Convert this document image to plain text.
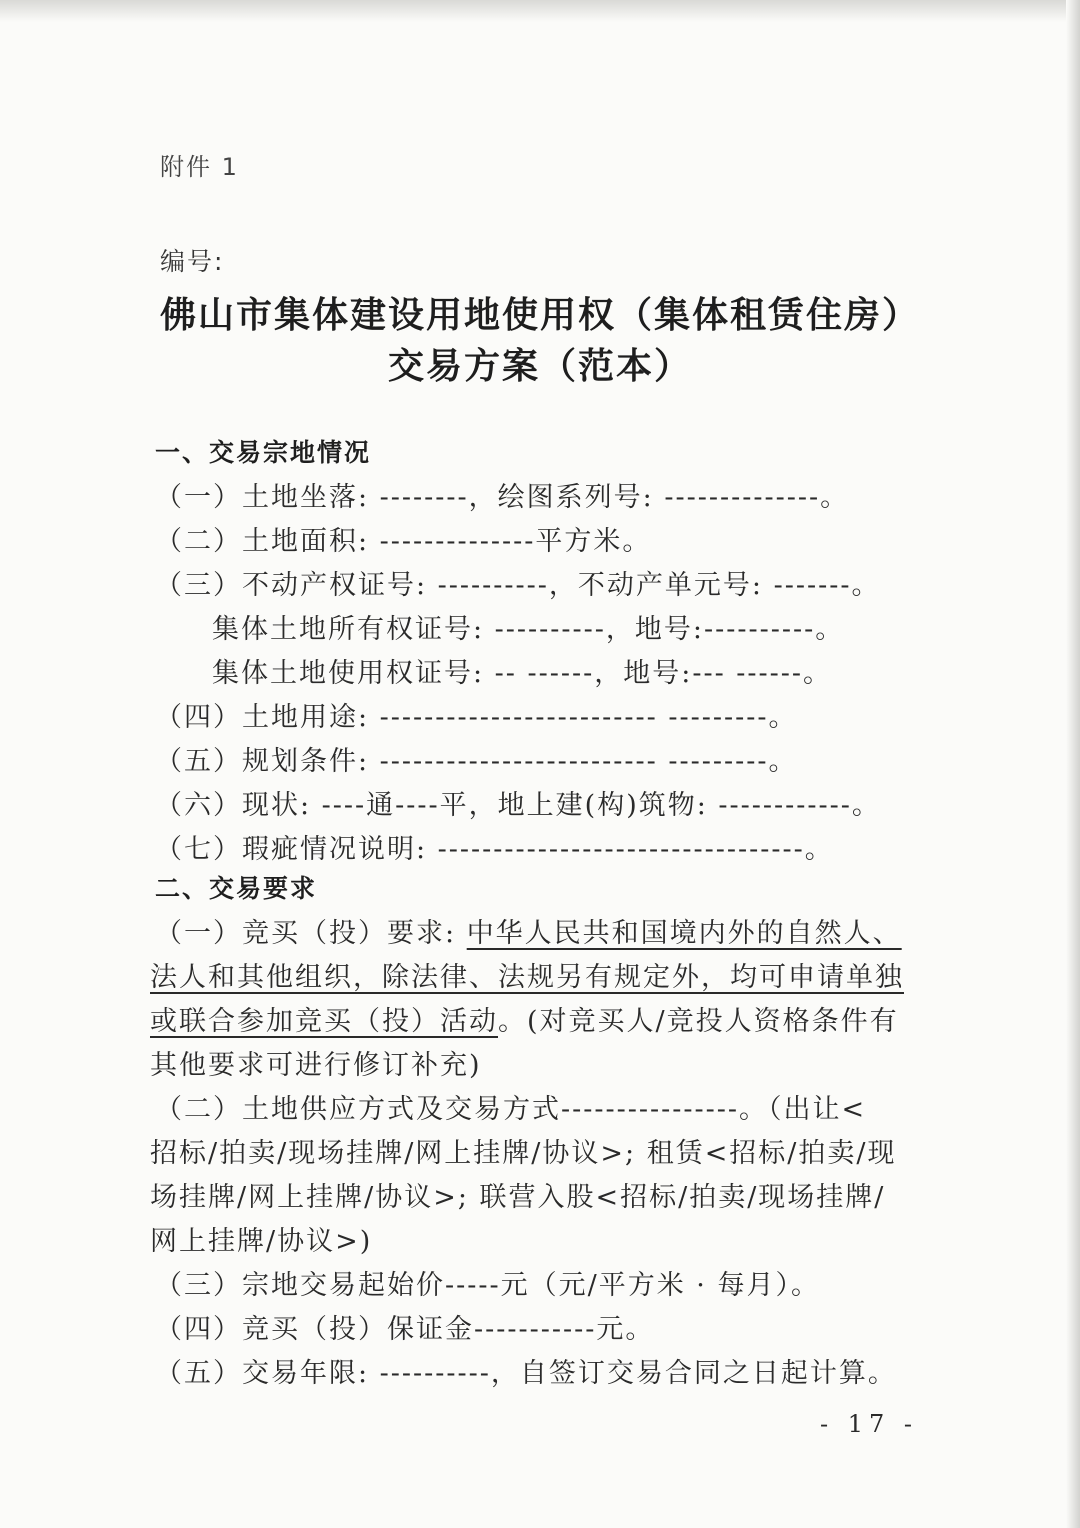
附件 1
编号:
佛山市集体建设用地使用权（集体租赁住房）
交易方案（范本）
一、交易宗地情况
（一）土地坐落: --------，绘图系列号: --------------。
（二）土地面积: --------------平方米。
（三）不动产权证号: ----------，不动产单元号: -------。
集体土地所有权证号: ----------，地号:----------。
集体土地使用权证号: -- ------，地号:--- ------。
（四）土地用途: ------------------------- ---------。
（五）规划条件: ------------------------- ---------。
（六）现状: ----通----平，地上建(构)筑物: ------------。
（七）瑕疵情况说明: ---------------------------------。
二、交易要求
（一）竞买（投）要求: 中华人民共和国境内外的自然人、
法人和其他组织，除法律、法规另有规定外，均可申请单独
或联合参加竞买（投）活动。(对竞买人/竞投人资格条件有
其他要求可进行修订补充)
（二）土地供应方式及交易方式----------------。（出让<
招标/拍卖/现场挂牌/网上挂牌/协议>; 租赁<招标/拍卖/现
场挂牌/网上挂牌/协议>; 联营入股<招标/拍卖/现场挂牌/
网上挂牌/协议>)
（三）宗地交易起始价-----元（元/平方米 · 每月）。
（四）竞买（投）保证金-----------元。
（五）交易年限: ----------，自签订交易合同之日起计算。
- 17 -
